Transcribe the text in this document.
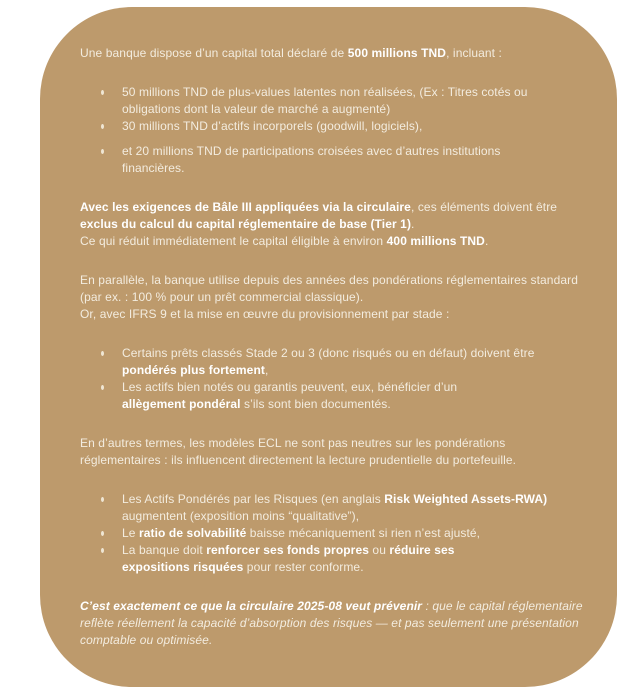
Une banque dispose d’un capital total déclaré de 500 millions TND, incluant :

50 millions TND de plus-values latentes non réalisées, (Ex : Titres cotés ou
obligations dont la valeur de marché a augmenté)
30 millions TND d’actifs incorporels (goodwill, logiciels),
et 20 millions TND de participations croisées avec d’autres institutions
financières.

Avec les exigences de Bâle III appliquées via la circulaire, ces éléments doivent être exclus du calcul du capital réglementaire de base (Tier 1).
Ce qui réduit immédiatement le capital éligible à environ 400 millions TND.

En parallèle, la banque utilise depuis des années des pondérations réglementaires standard (par ex. : 100 % pour un prêt commercial classique).
Or, avec IFRS 9 et la mise en œuvre du provisionnement par stade :

Certains prêts classés Stade 2 ou 3 (donc risqués ou en défaut) doivent être pondérés plus fortement,
Les actifs bien notés ou garantis peuvent, eux, bénéficier d’un
allègement pondéral s’ils sont bien documentés.

En d’autres termes, les modèles ECL ne sont pas neutres sur les pondérations réglementaires : ils influencent directement la lecture prudentielle du portefeuille.

Les Actifs Pondérés par les Risques (en anglais Risk Weighted Assets-RWA)
augmentent (exposition moins “qualitative”),
Le ratio de solvabilité baisse mécaniquement si rien n’est ajusté,
La banque doit renforcer ses fonds propres ou réduire ses
expositions risquées pour rester conforme.

C’est exactement ce que la circulaire 2025-08 veut prévenir : que le capital réglementaire reflète réellement la capacité d’absorption des risques — et pas seulement une présentation comptable ou optimisée.
